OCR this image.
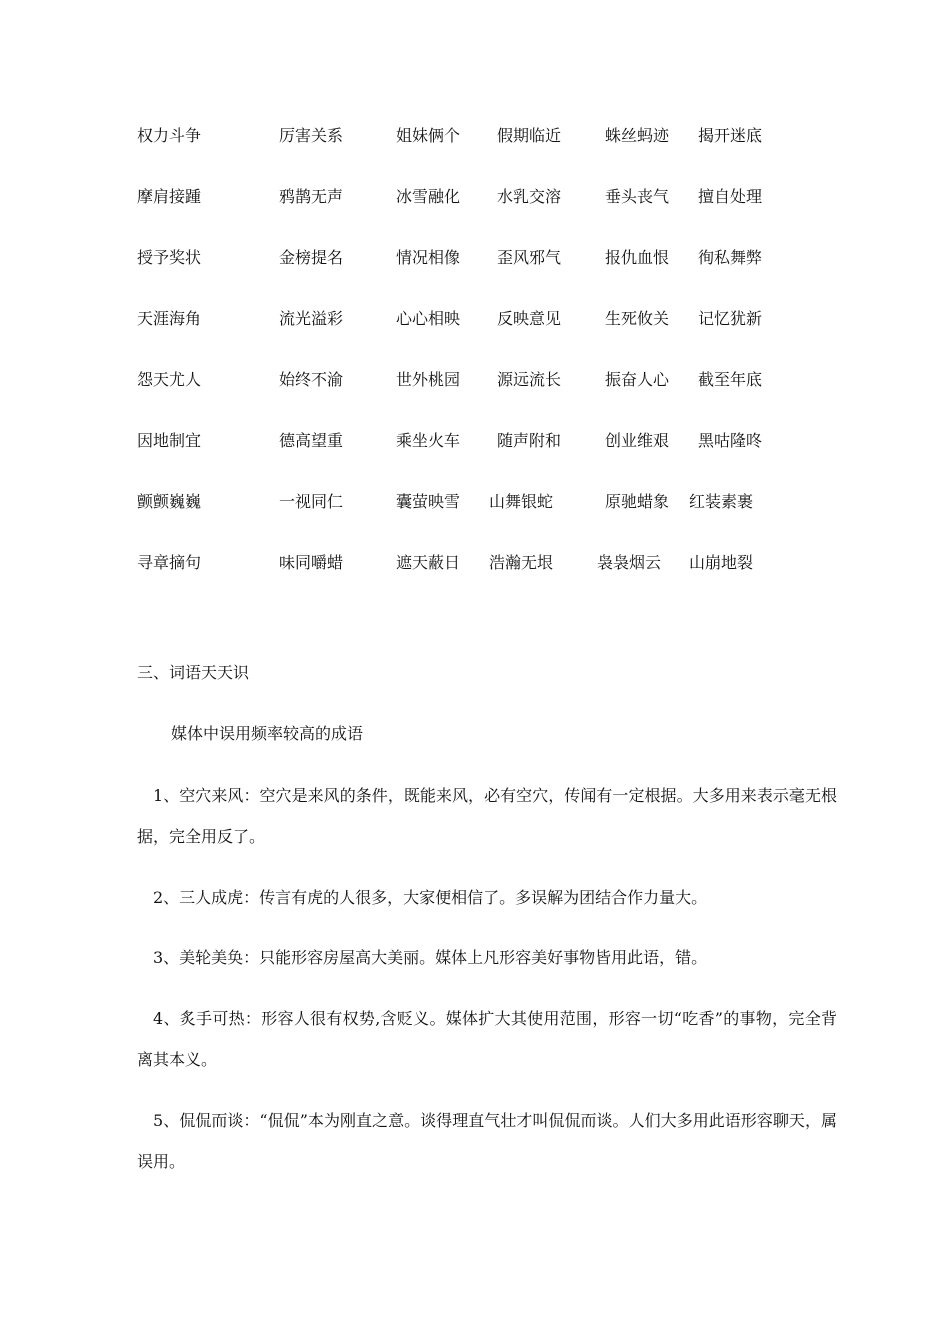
权力斗争	厉害关系	姐妹俩个 假期临近	蛛丝蚂迹 揭开迷底
摩肩接踵	鸦鹊无声	冰雪融化 水乳交溶	垂头丧气 擅自处理
授予奖状	金榜提名	情况相像 歪风邪气	报仇血恨 徇私舞弊
天涯海角	流光溢彩	心心相映 反映意见	生死攸关 记忆犹新
怨天尤人	始终不渝	世外桃园 源远流长	振奋人心 截至年底
因地制宜	德高望重	乘坐火车 随声附和	创业维艰 黑咕隆咚
颤颤巍巍	一视同仁	囊萤映雪 山舞银蛇	原驰蜡象 红装素裹
寻章摘句	味同嚼蜡	遮天蔽日 浩瀚无垠	袅袅烟云 山崩地裂
三、词语天天识
媒体中误用频率较高的成语
1、空穴来风：空穴是来风的条件，既能来风，必有空穴，传闻有一定根据。大多用来表示毫无根据，完全用反了。
2、三人成虎：传言有虎的人很多，大家便相信了。多误解为团结合作力量大。
3、美轮美奂：只能形容房屋高大美丽。媒体上凡形容美好事物皆用此语，错。
4、炙手可热：形容人很有权势,含贬义。媒体扩大其使用范围，形容一切“吃香”的事物，完全背离其本义。
5、侃侃而谈：“侃侃”本为刚直之意。谈得理直气壮才叫侃侃而谈。人们大多用此语形容聊天，属误用。
